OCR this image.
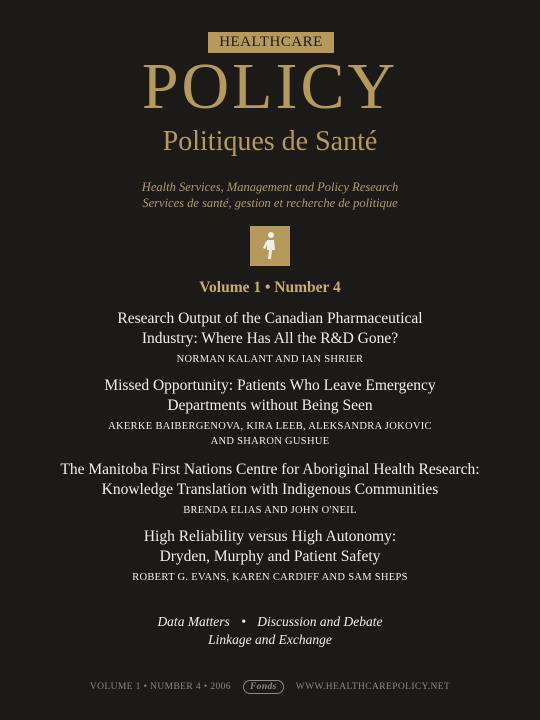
HEALTHCARE
POLICY
Politiques de Santé
Health Services, Management and Policy Research
Services de santé, gestion et recherche de politique
Volume 1 • Number 4
Research Output of the Canadian Pharmaceutical
Industry: Where Has All the R&D Gone?
NORMAN KALANT AND IAN SHRIER
Missed Opportunity: Patients Who Leave Emergency
Departments without Being Seen
AKERKE BAIBERGENOVA, KIRA LEEB, ALEKSANDRA JOKOVIC
AND SHARON GUSHUE
The Manitoba First Nations Centre for Aboriginal Health Research:
Knowledge Translation with Indigenous Communities
BRENDA ELIAS AND JOHN O'NEIL
High Reliability versus High Autonomy:
Dryden, Murphy and Patient Safety
ROBERT G. EVANS, KAREN CARDIFF AND SAM SHEPS
Data Matters • Discussion and Debate
Linkage and Exchange
VOLUME 1 • NUMBER 4 • 2006	Fonds	WWW.HEALTHCAREPOLICY.NET
